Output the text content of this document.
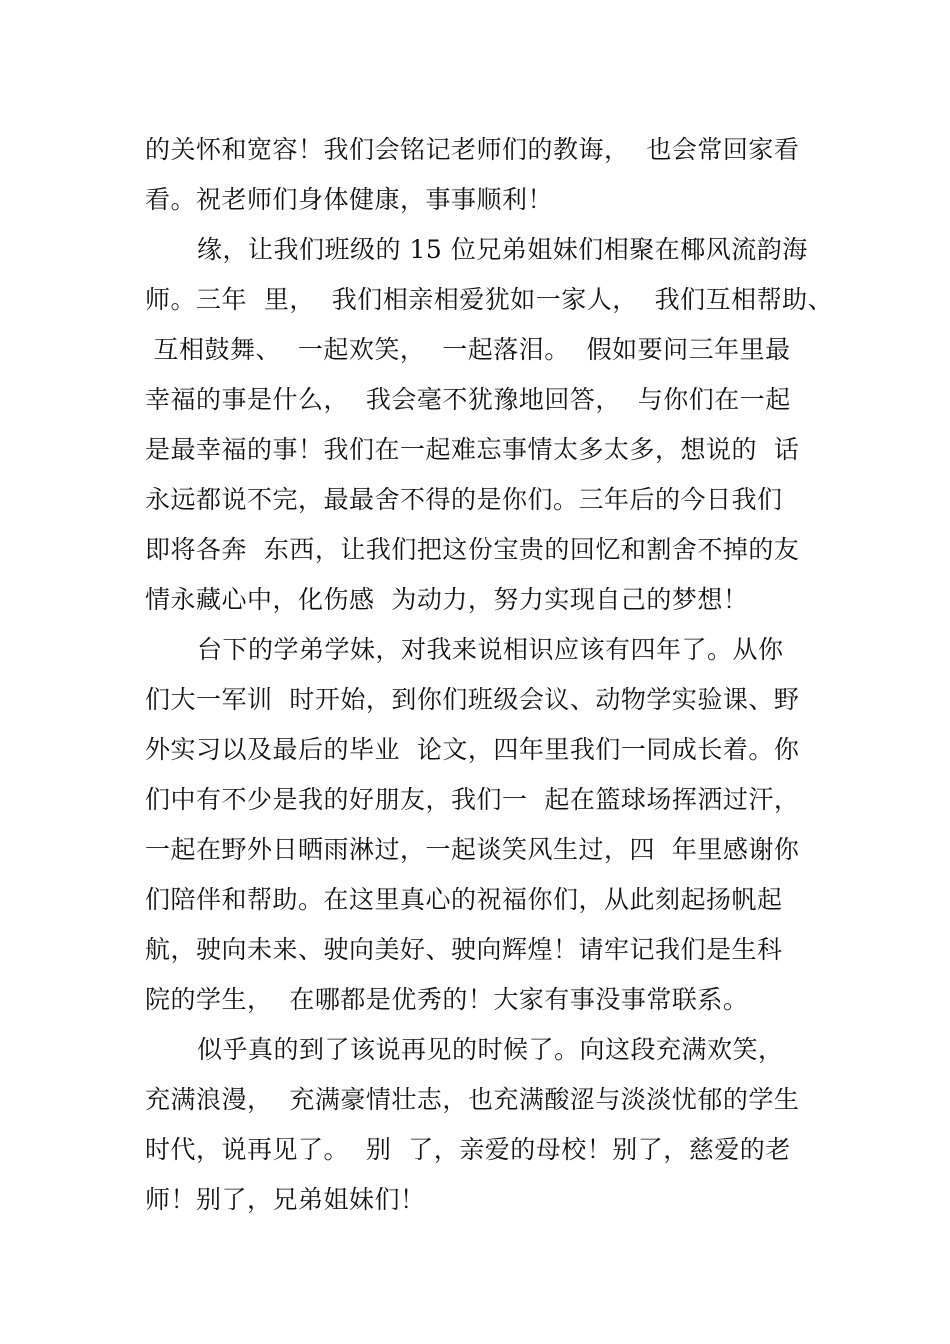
的关怀和宽容！我们会铭记老师们的教诲，  也会常回家看
看。祝老师们身体健康，事事顺利！
缘，让我们班级的 15 位兄弟姐妹们相聚在椰风流韵海
师。三年  里，  我们相亲相爱犹如一家人，  我们互相帮助、
互相鼓舞、  一起欢笑，  一起落泪。  假如要问三年里最
幸福的事是什么，  我会毫不犹豫地回答，  与你们在一起
是最幸福的事！我们在一起难忘事情太多太多，想说的  话
永远都说不完，最最舍不得的是你们。三年后的今日我们
即将各奔  东西，让我们把这份宝贵的回忆和割舍不掉的友
情永藏心中，化伤感  为动力，努力实现自己的梦想！
台下的学弟学妹，对我来说相识应该有四年了。从你
们大一军训  时开始，到你们班级会议、动物学实验课、野
外实习以及最后的毕业  论文，四年里我们一同成长着。你
们中有不少是我的好朋友，我们一  起在篮球场挥洒过汗，
一起在野外日晒雨淋过，一起谈笑风生过，四  年里感谢你
们陪伴和帮助。在这里真心的祝福你们，从此刻起扬帆起
航，驶向未来、驶向美好、驶向辉煌！请牢记我们是生科
院的学生，  在哪都是优秀的！大家有事没事常联系。
似乎真的到了该说再见的时候了。向这段充满欢笑，
充满浪漫，  充满豪情壮志，也充满酸涩与淡淡忧郁的学生
时代，说再见了。  别  了，亲爱的母校！别了，慈爱的老
师！别了，兄弟姐妹们！
